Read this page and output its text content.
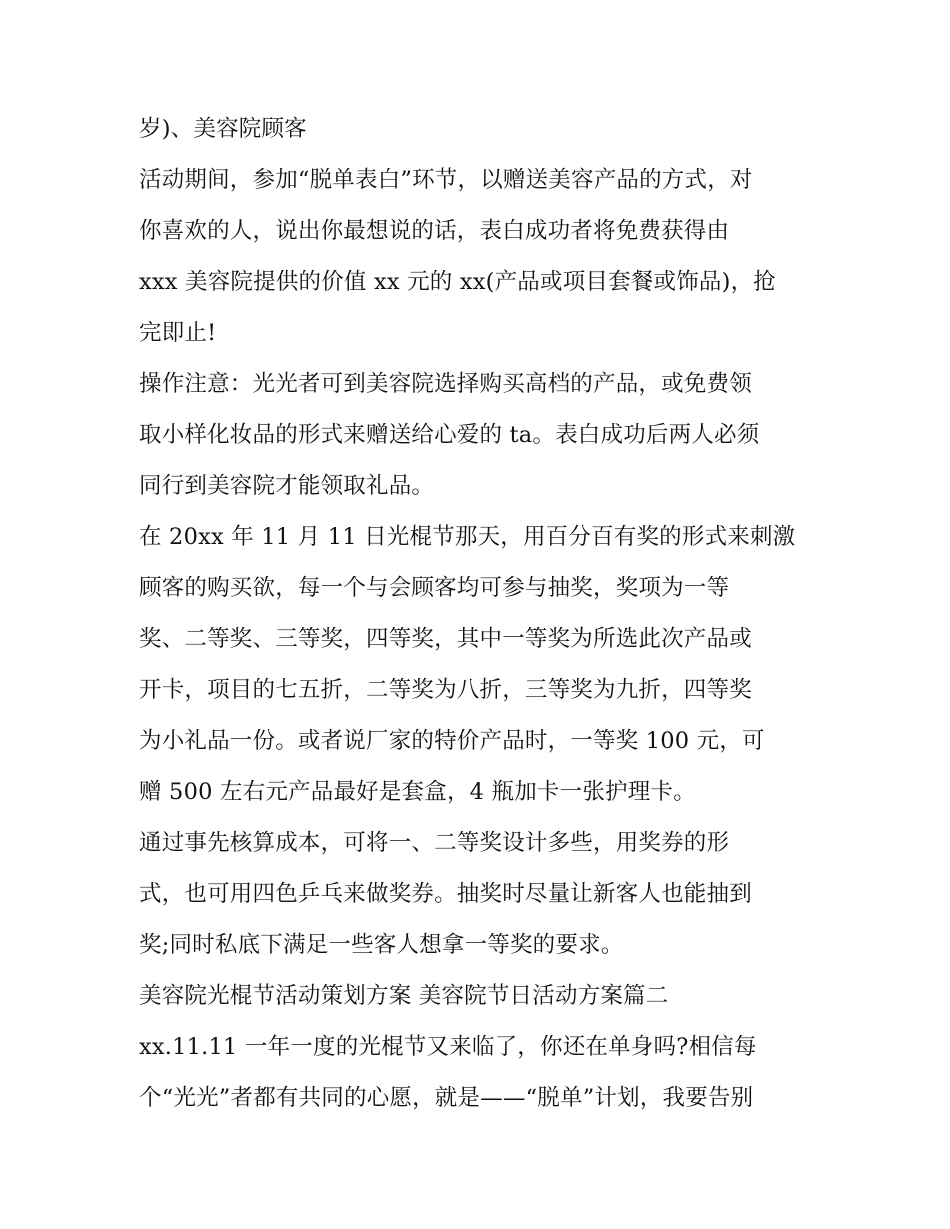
岁)、美容院顾客
活动期间，参加“脱单表白”环节，以赠送美容产品的方式，对
你喜欢的人，说出你最想说的话，表白成功者将免费获得由
xxx 美容院提供的价值 xx 元的 xx(产品或项目套餐或饰品)，抢
完即止!
操作注意：光光者可到美容院选择购买高档的产品，或免费领
取小样化妆品的形式来赠送给心爱的 ta。表白成功后两人必须
同行到美容院才能领取礼品。
在 20xx 年 11 月 11 日光棍节那天，用百分百有奖的形式来刺激
顾客的购买欲，每一个与会顾客均可参与抽奖，奖项为一等
奖、二等奖、三等奖，四等奖，其中一等奖为所选此次产品或
开卡，项目的七五折，二等奖为八折，三等奖为九折，四等奖
为小礼品一份。或者说厂家的特价产品时，一等奖 100 元，可
赠 500 左右元产品最好是套盒，4 瓶加卡一张护理卡。
通过事先核算成本，可将一、二等奖设计多些，用奖券的形
式，也可用四色乒乓来做奖券。抽奖时尽量让新客人也能抽到
奖;同时私底下满足一些客人想拿一等奖的要求。
美容院光棍节活动策划方案 美容院节日活动方案篇二
xx.11.11 一年一度的光棍节又来临了，你还在单身吗?相信每
个“光光”者都有共同的心愿，就是——“脱单”计划，我要告别
